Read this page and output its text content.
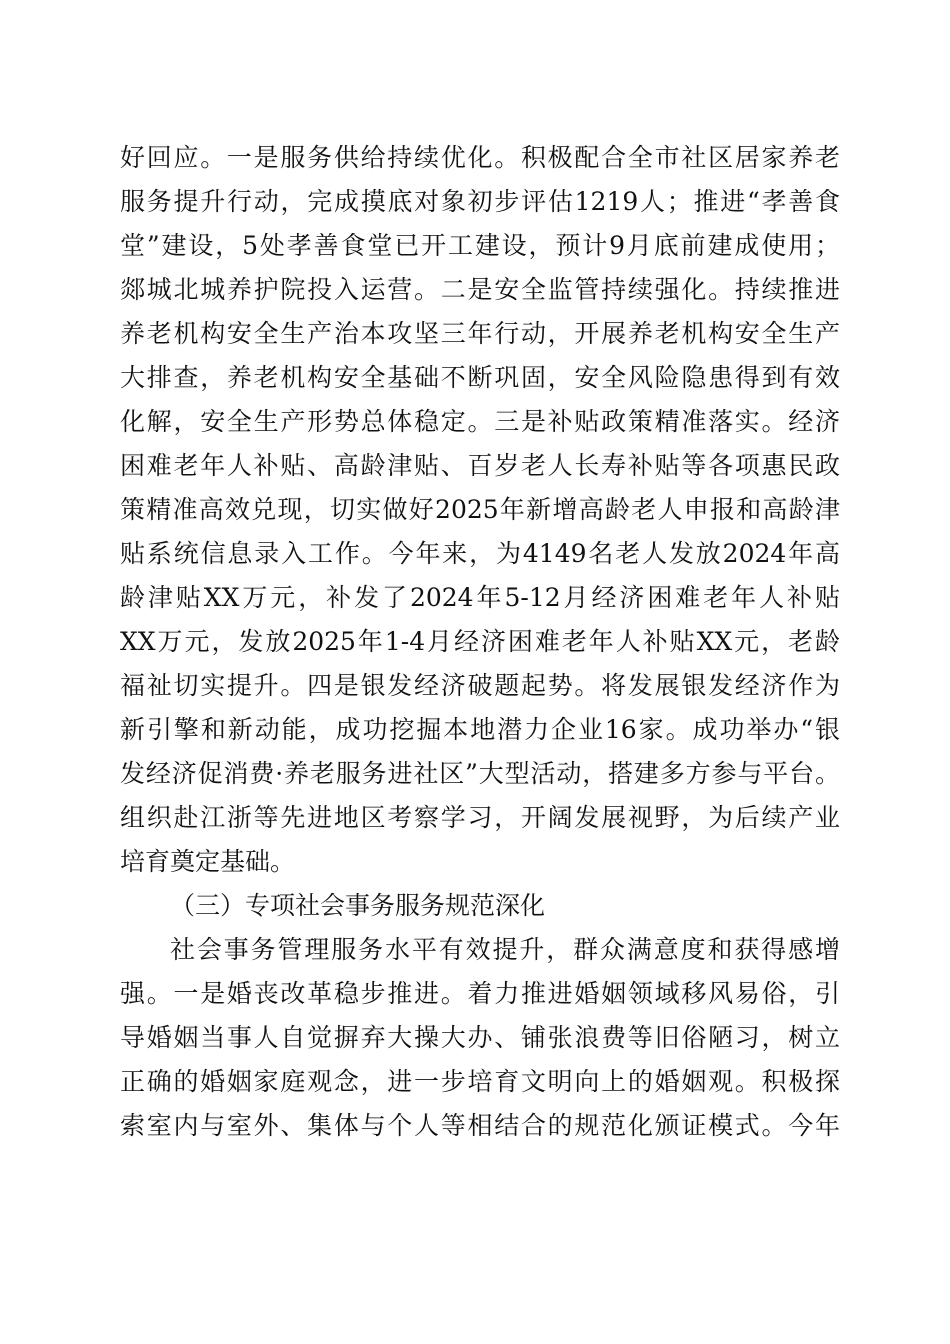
好回应。一是服务供给持续优化。积极配合全市社区居家养老
服务提升行动，完成摸底对象初步评估1219人；推进“孝善食
堂”建设，5处孝善食堂已开工建设，预计9月底前建成使用；
郯城北城养护院投入运营。二是安全监管持续强化。持续推进
养老机构安全生产治本攻坚三年行动，开展养老机构安全生产
大排查，养老机构安全基础不断巩固，安全风险隐患得到有效
化解，安全生产形势总体稳定。三是补贴政策精准落实。经济
困难老年人补贴、高龄津贴、百岁老人长寿补贴等各项惠民政
策精准高效兑现，切实做好2025年新增高龄老人申报和高龄津
贴系统信息录入工作。今年来，为4149名老人发放2024年高
龄津贴XX万元，补发了2024年5-12月经济困难老年人补贴
XX万元，发放2025年1-4月经济困难老年人补贴XX元，老龄
福祉切实提升。四是银发经济破题起势。将发展银发经济作为
新引擎和新动能，成功挖掘本地潜力企业16家。成功举办“银
发经济促消费·养老服务进社区”大型活动，搭建多方参与平台。
组织赴江浙等先进地区考察学习，开阔发展视野，为后续产业
培育奠定基础。
（三）专项社会事务服务规范深化
社会事务管理服务水平有效提升，群众满意度和获得感增
强。一是婚丧改革稳步推进。着力推进婚姻领域移风易俗，引
导婚姻当事人自觉摒弃大操大办、铺张浪费等旧俗陋习，树立
正确的婚姻家庭观念，进一步培育文明向上的婚姻观。积极探
索室内与室外、集体与个人等相结合的规范化颁证模式。今年
